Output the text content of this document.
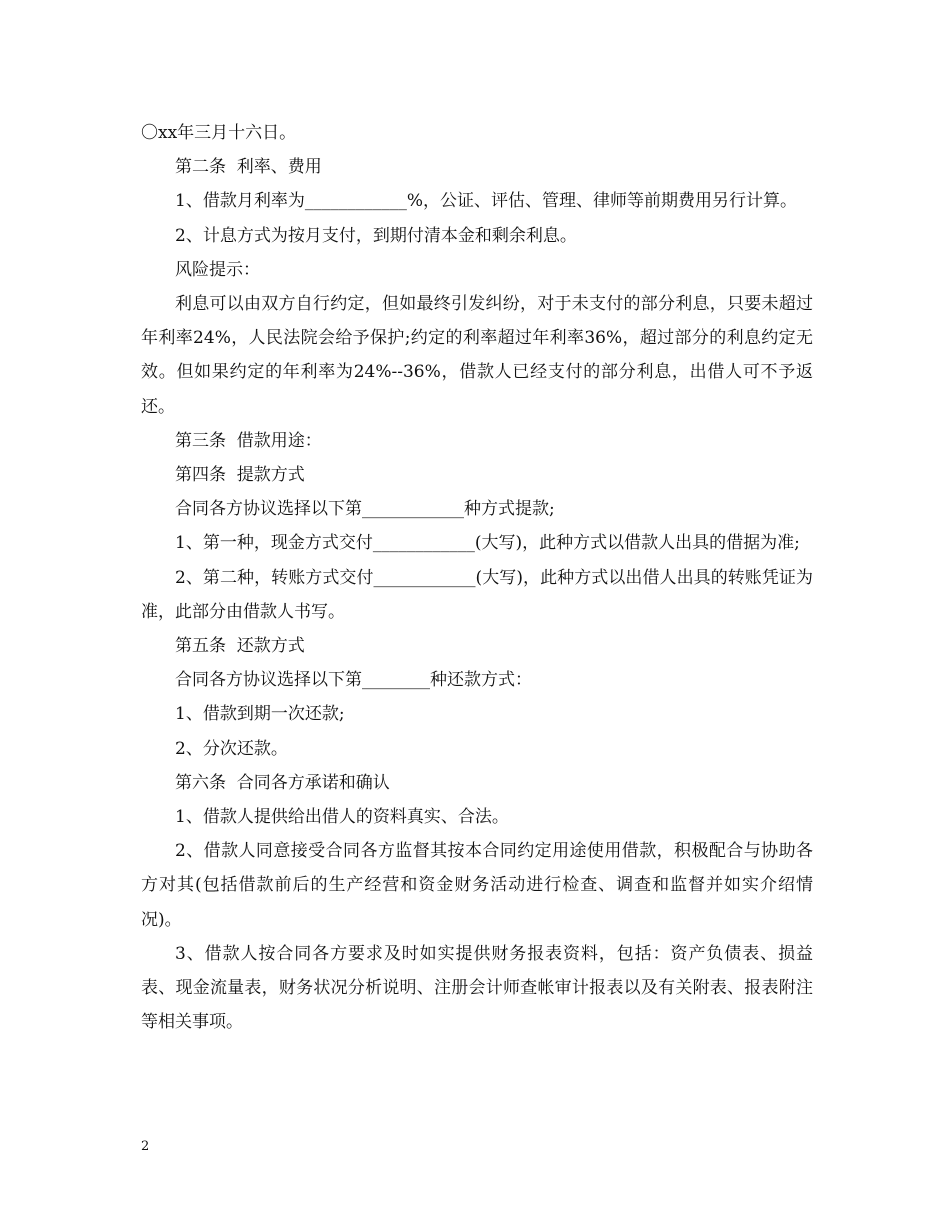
〇xx年三月十六日。

第二条  利率、费用

1、借款月利率为____________%，公证、评估、管理、律师等前期费用另行计算。

2、计息方式为按月支付，到期付清本金和剩余利息。

风险提示：

利息可以由双方自行约定，但如最终引发纠纷，对于未支付的部分利息，只要未超过年利率24%，人民法院会给予保护;约定的利率超过年利率36%，超过部分的利息约定无效。但如果约定的年利率为24%--36%，借款人已经支付的部分利息，出借人可不予返还。

第三条  借款用途：

第四条  提款方式

合同各方协议选择以下第____________种方式提款;

1、第一种，现金方式交付____________(大写)，此种方式以借款人出具的借据为准;

2、第二种，转账方式交付____________(大写)，此种方式以出借人出具的转账凭证为准，此部分由借款人书写。

第五条  还款方式

合同各方协议选择以下第________种还款方式：

1、借款到期一次还款;

2、分次还款。

第六条  合同各方承诺和确认

1、借款人提供给出借人的资料真实、合法。

2、借款人同意接受合同各方监督其按本合同约定用途使用借款，积极配合与协助各方对其(包括借款前后的生产经营和资金财务活动进行检查、调查和监督并如实介绍情况)。

3、借款人按合同各方要求及时如实提供财务报表资料，包括：资产负债表、损益表、现金流量表，财务状况分析说明、注册会计师查帐审计报表以及有关附表、报表附注等相关事项。

2
